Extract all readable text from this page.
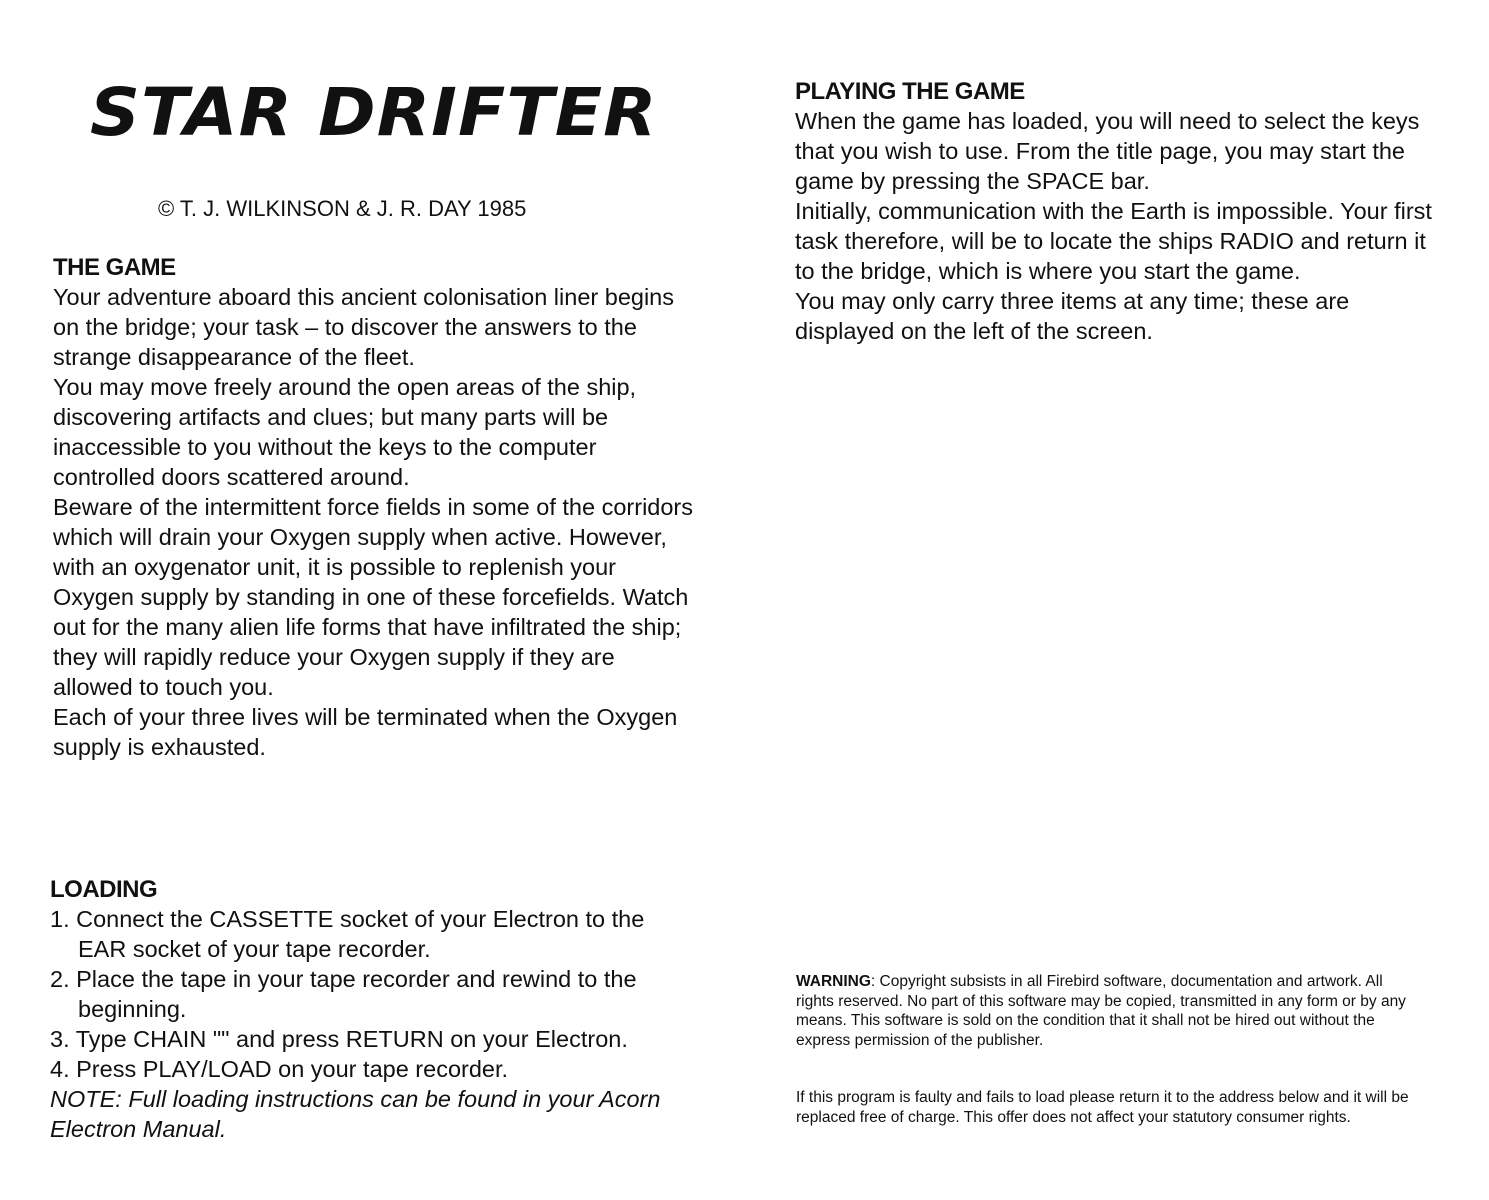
STAR DRIFTER

© T. J. WILKINSON & J. R. DAY 1985

THE GAME

Your adventure aboard this ancient colonisation liner begins on the bridge; your task – to discover the answers to the strange disappearance of the fleet.

You may move freely around the open areas of the ship, discovering artifacts and clues; but many parts will be inaccessible to you without the keys to the computer controlled doors scattered around.

Beware of the intermittent force fields in some of the corridors which will drain your Oxygen supply when active. However, with an oxygenator unit, it is possible to replenish your Oxygen supply by standing in one of these forcefields. Watch out for the many alien life forms that have infiltrated the ship; they will rapidly reduce your Oxygen supply if they are allowed to touch you.

Each of your three lives will be terminated when the Oxygen supply is exhausted.

LOADING
1. Connect the CASSETTE socket of your Electron to the EAR socket of your tape recorder.
2. Place the tape in your tape recorder and rewind to the beginning.
3. Type CHAIN "" and press RETURN on your Electron.
4. Press PLAY/LOAD on your tape recorder.

NOTE: Full loading instructions can be found in your Acorn Electron Manual.

PLAYING THE GAME

When the game has loaded, you will need to select the keys that you wish to use. From the title page, you may start the game by pressing the SPACE bar.

Initially, communication with the Earth is impossible. Your first task therefore, will be to locate the ships RADIO and return it to the bridge, which is where you start the game.

You may only carry three items at any time; these are displayed on the left of the screen.

WARNING: Copyright subsists in all Firebird software, documentation and artwork. All rights reserved. No part of this software may be copied, transmitted in any form or by any means. This software is sold on the condition that it shall not be hired out without the express permission of the publisher.

If this program is faulty and fails to load please return it to the address below and it will be replaced free of charge. This offer does not affect your statutory consumer rights.
